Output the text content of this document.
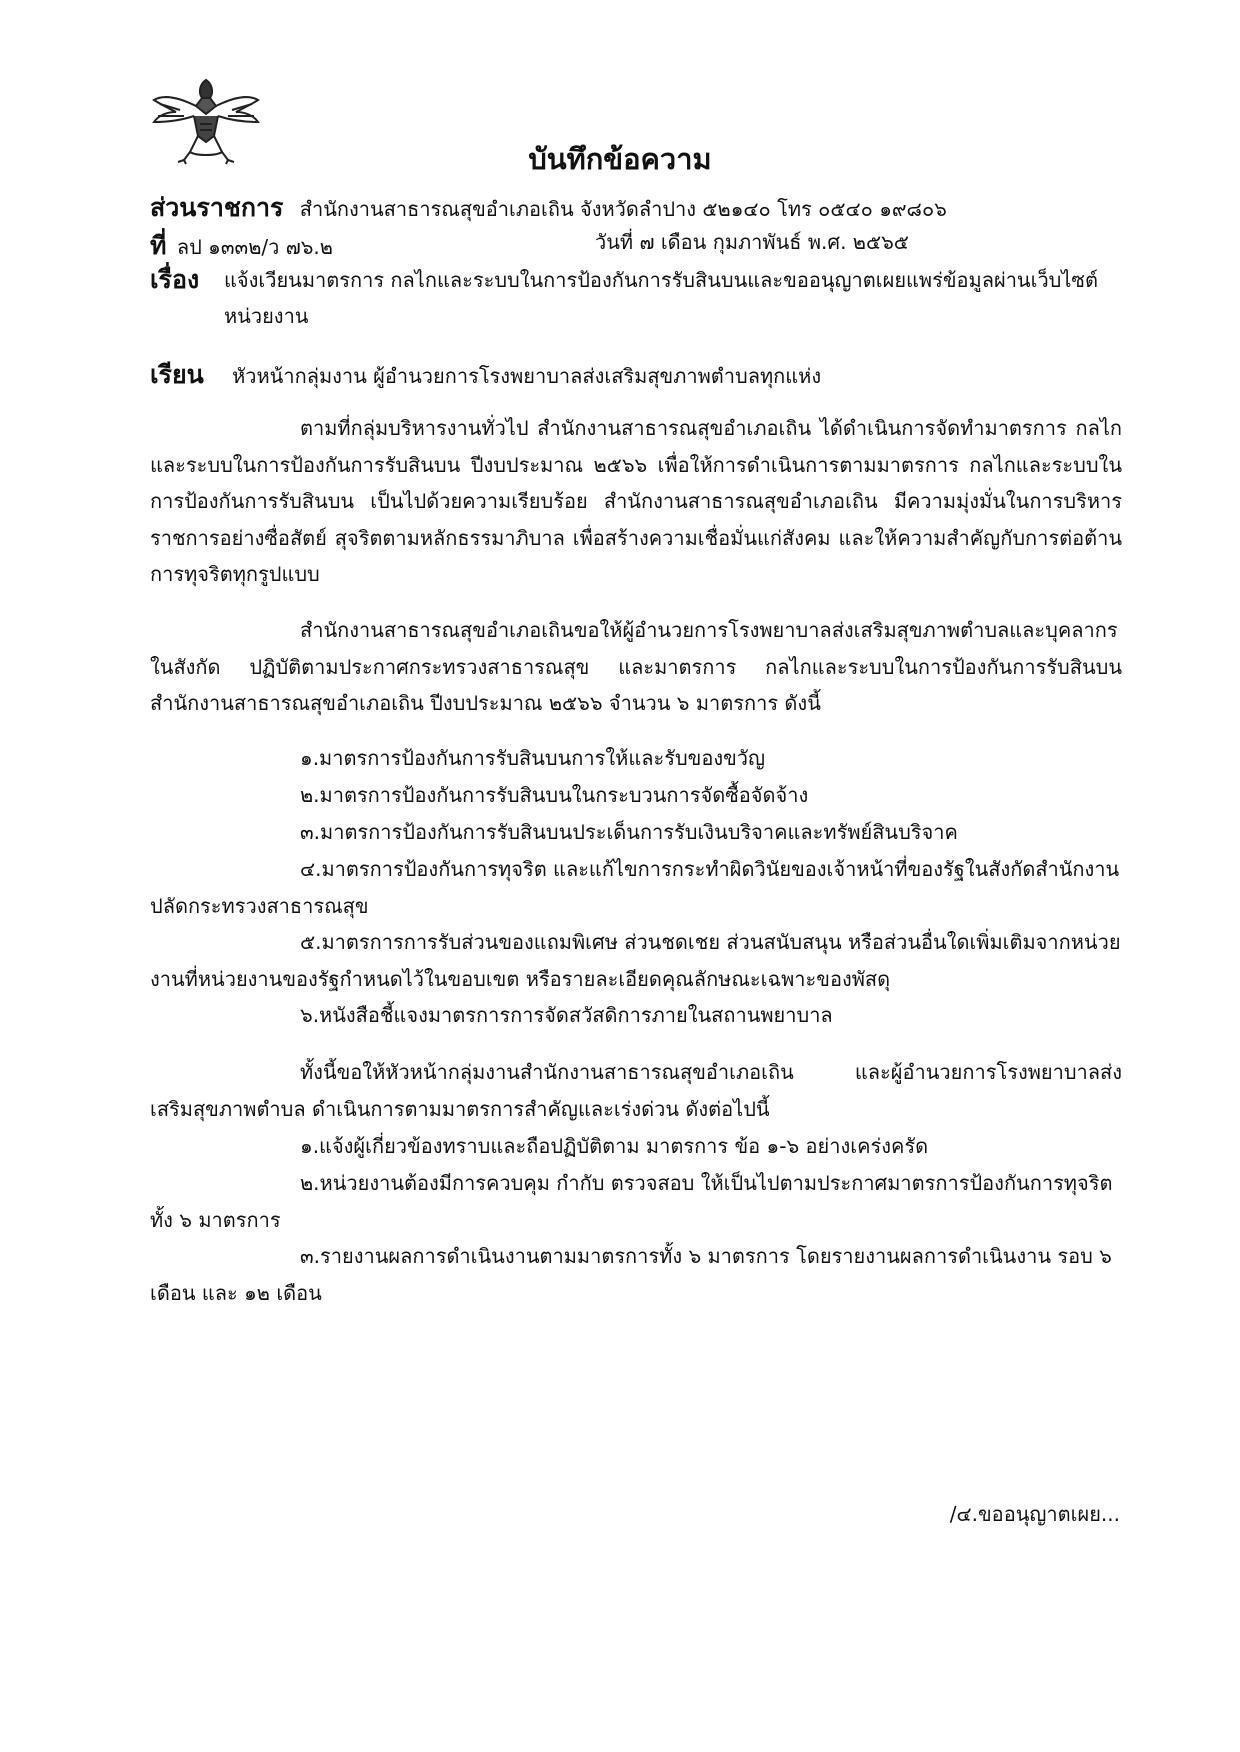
บันทึกข้อความ
ส่วนราชการ สำนักงานสาธารณสุขอำเภอเถิน จังหวัดลำปาง ๕๒๑๔๐ โทร ๐๕๔๐ ๑๙๘๐๖
ที่ ลป ๑๓๓๒/ว ๗๖.๒	วันที่ ๗ เดือน กุมภาพันธ์ พ.ศ. ๒๕๖๕
เรื่อง แจ้งเวียนมาตรการ กลไกและระบบในการป้องกันการรับสินบนและขออนุญาตเผยแพร่ข้อมูลผ่านเว็บไซต์หน่วยงาน
เรียน หัวหน้ากลุ่มงาน ผู้อำนวยการโรงพยาบาลส่งเสริมสุขภาพตำบลทุกแห่ง
ตามที่กลุ่มบริหารงานทั่วไป สำนักงานสาธารณสุขอำเภอเถิน ได้ดำเนินการจัดทำมาตรการ กลไกและระบบในการป้องกันการรับสินบน ปีงบประมาณ ๒๕๖๖ เพื่อให้การดำเนินการตามมาตรการ กลไกและระบบในการป้องกันการรับสินบน เป็นไปด้วยความเรียบร้อย สำนักงานสาธารณสุขอำเภอเถิน มีความมุ่งมั่นในการบริหารราชการอย่างซื่อสัตย์ สุจริตตามหลักธรรมาภิบาล เพื่อสร้างความเชื่อมั่นแก่สังคม และให้ความสำคัญกับการต่อต้านการทุจริตทุกรูปแบบ
สำนักงานสาธารณสุขอำเภอเถินขอให้ผู้อำนวยการโรงพยาบาลส่งเสริมสุขภาพตำบลและบุคลากรในสังกัด ปฏิบัติตามประกาศกระทรวงสาธารณสุข และมาตรการ กลไกและระบบในการป้องกันการรับสินบน สำนักงานสาธารณสุขอำเภอเถิน ปีงบประมาณ ๒๕๖๖ จำนวน ๖ มาตรการ ดังนี้
๑.มาตรการป้องกันการรับสินบนการให้และรับของขวัญ
๒.มาตรการป้องกันการรับสินบนในกระบวนการจัดซื้อจัดจ้าง
๓.มาตรการป้องกันการรับสินบนประเด็นการรับเงินบริจาคและทรัพย์สินบริจาค
๔.มาตรการป้องกันการทุจริต และแก้ไขการกระทำผิดวินัยของเจ้าหน้าที่ของรัฐในสังกัดสำนักงานปลัดกระทรวงสาธารณสุข
๕.มาตรการการรับส่วนของแถมพิเศษ ส่วนชดเชย ส่วนสนับสนุน หรือส่วนอื่นใดเพิ่มเติมจากหน่วยงานที่หน่วยงานของรัฐกำหนดไว้ในขอบเขต หรือรายละเอียดคุณลักษณะเฉพาะของพัสดุ
๖.หนังสือชี้แจงมาตรการการจัดสวัสดิการภายในสถานพยาบาล
ทั้งนี้ขอให้หัวหน้ากลุ่มงานสำนักงานสาธารณสุขอำเภอเถิน และผู้อำนวยการโรงพยาบาลส่งเสริมสุขภาพตำบล ดำเนินการตามมาตรการสำคัญและเร่งด่วน ดังต่อไปนี้
๑.แจ้งผู้เกี่ยวข้องทราบและถือปฏิบัติตาม มาตรการ ข้อ ๑-๖ อย่างเคร่งครัด
๒.หน่วยงานต้องมีการควบคุม กำกับ ตรวจสอบ ให้เป็นไปตามประกาศมาตรการป้องกันการทุจริต ทั้ง ๖ มาตรการ
๓.รายงานผลการดำเนินงานตามมาตรการทั้ง ๖ มาตรการ โดยรายงานผลการดำเนินงาน รอบ ๖ เดือน และ ๑๒ เดือน
/๔.ขออนุญาตเผย...
